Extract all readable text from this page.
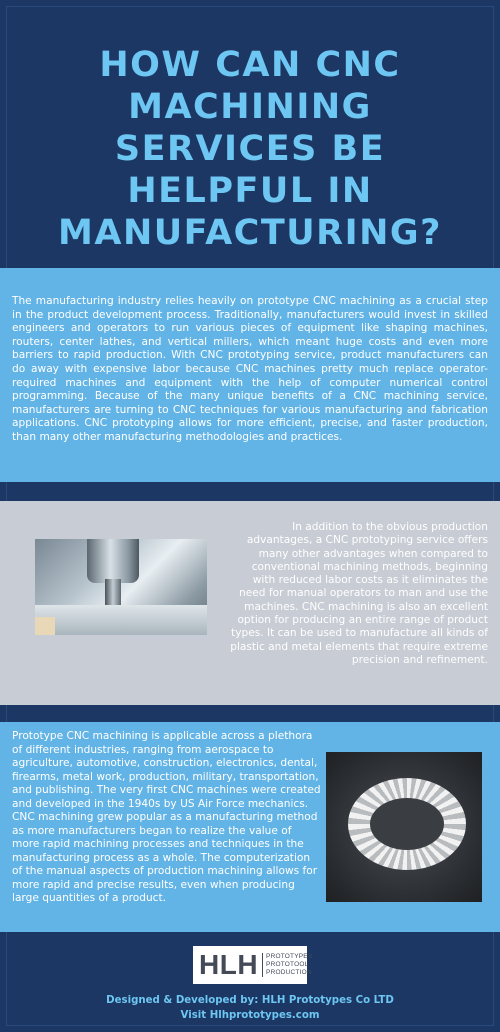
HOW CAN CNC MACHINING SERVICES BE HELPFUL IN MANUFACTURING?

The manufacturing industry relies heavily on prototype CNC machining as a crucial step in the product development process. Traditionally, manufacturers would invest in skilled engineers and operators to run various pieces of equipment like shaping machines, routers, center lathes, and vertical millers, which meant huge costs and even more barriers to rapid production. With CNC prototyping service, product manufacturers can do away with expensive labor because CNC machines pretty much replace operator-required machines and equipment with the help of computer numerical control programming. Because of the many unique benefits of a CNC machining service, manufacturers are turning to CNC techniques for various manufacturing and fabrication applications. CNC prototyping allows for more efficient, precise, and faster production, than many other manufacturing methodologies and practices.

In addition to the obvious production advantages, a CNC prototyping service offers many other advantages when compared to conventional machining methods, beginning with reduced labor costs as it eliminates the need for manual operators to man and use the machines. CNC machining is also an excellent option for producing an entire range of product types. It can be used to manufacture all kinds of plastic and metal elements that require extreme precision and refinement.

Prototype CNC machining is applicable across a plethora of different industries, ranging from aerospace to agriculture, automotive, construction, electronics, dental, firearms, metal work, production, military, transportation, and publishing. The very first CNC machines were created and developed in the 1940s by US Air Force mechanics. CNC machining grew popular as a manufacturing method as more manufacturers began to realize the value of more rapid machining processes and techniques in the manufacturing process as a whole. The computerization of the manual aspects of production machining allows for more rapid and precise results, even when producing large quantities of a product.

HLH	PROTOTYPES
PROTOTOOL
PRODUCTION
Designed & Developed by: HLH Prototypes Co LTD
Visit Hlhprototypes.com
